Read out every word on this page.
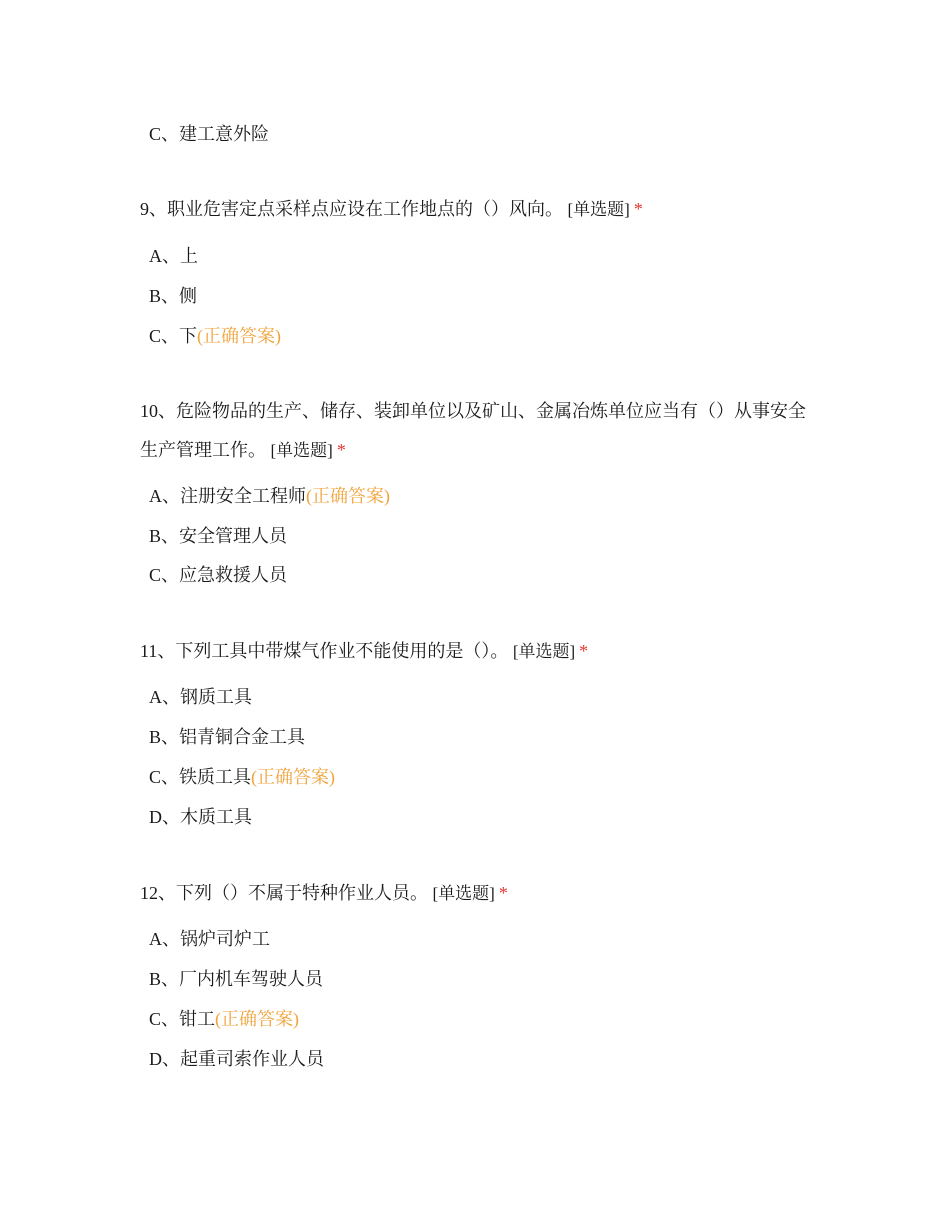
C、建工意外险
9、职业危害定点采样点应设在工作地点的（）风向。 [单选题] *
A、上
B、侧
C、下(正确答案)
10、危险物品的生产、储存、装卸单位以及矿山、金属冶炼单位应当有（）从事安全生产管理工作。 [单选题] *
A、注册安全工程师(正确答案)
B、安全管理人员
C、应急救援人员
11、下列工具中带煤气作业不能使用的是（）。 [单选题] *
A、钢质工具
B、铝青铜合金工具
C、铁质工具(正确答案)
D、木质工具
12、下列（）不属于特种作业人员。 [单选题] *
A、锅炉司炉工
B、厂内机车驾驶人员
C、钳工(正确答案)
D、起重司索作业人员
